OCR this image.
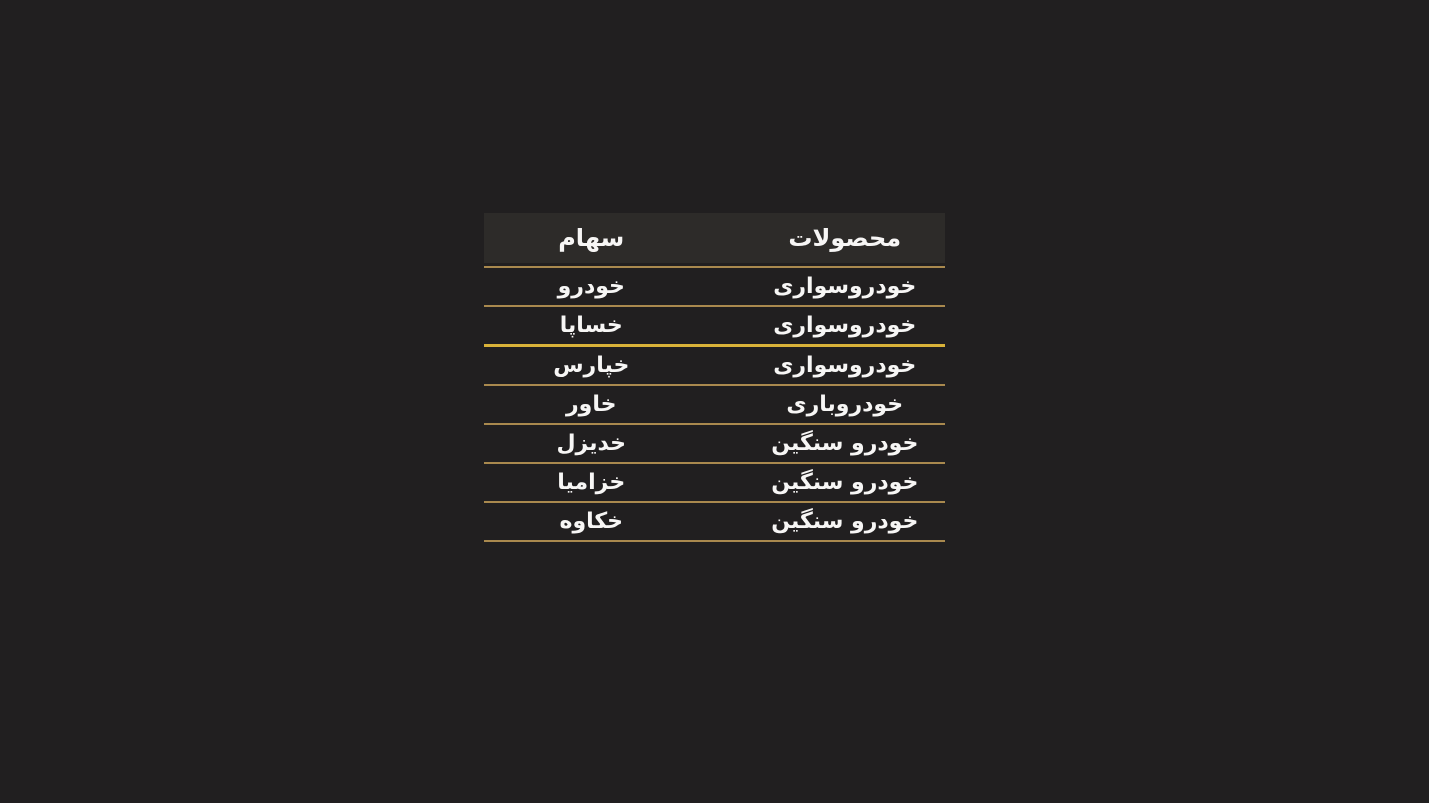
محصولات
سهام
خودروسواری
خودرو
خودروسواری
خساپا
خودروسواری
خپارس
خودروباری
خاور
خودرو سنگین
خدیزل
خودرو سنگین
خزامیا
خودرو سنگین
خکاوه
